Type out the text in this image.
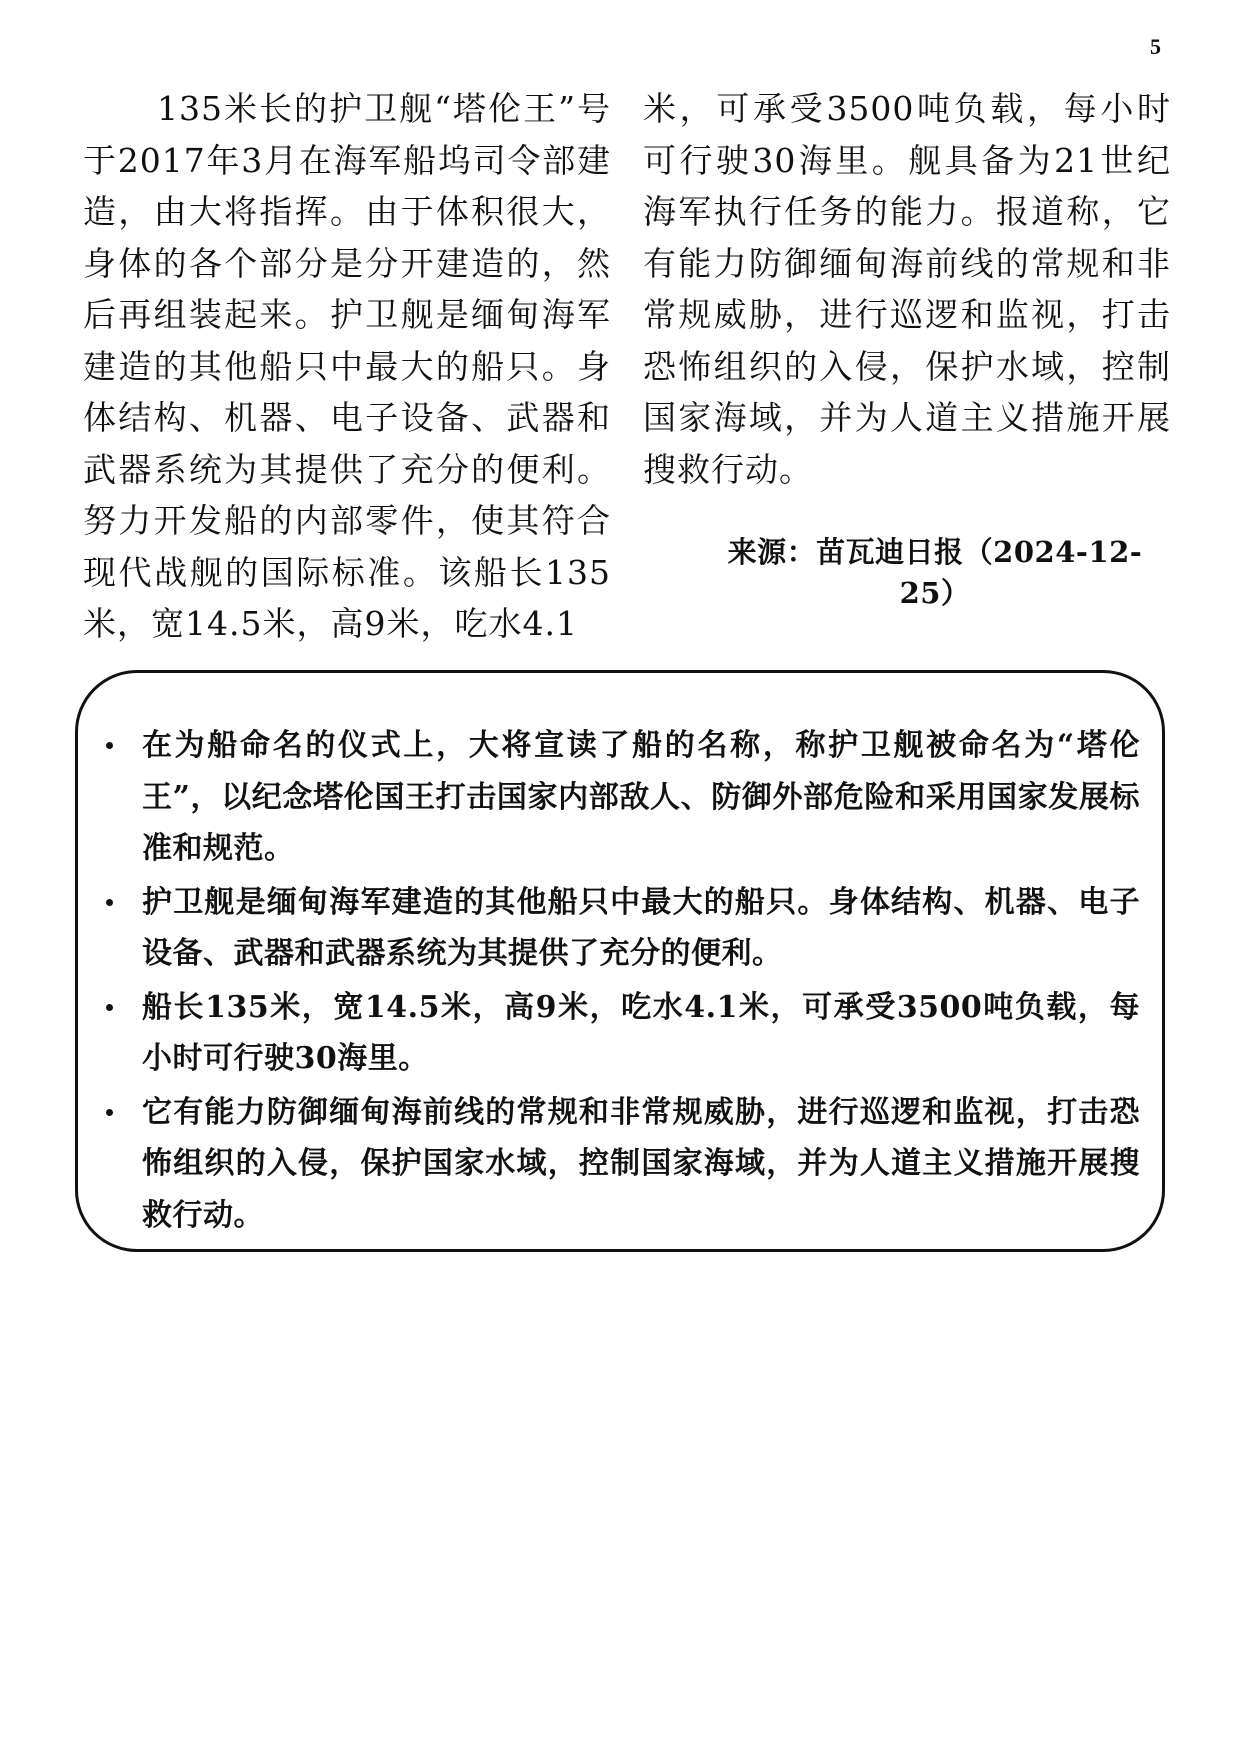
5

135米长的护卫舰“塔伦王”号于2017年3月在海军船坞司令部建造，由大将指挥。由于体积很大，身体的各个部分是分开建造的，然后再组装起来。护卫舰是缅甸海军建造的其他船只中最大的船只。身体结构、机器、电子设备、武器和武器系统为其提供了充分的便利。努力开发船的内部零件，使其符合现代战舰的国际标准。该船长135米，宽14.5米，高9米，吃水4.1

米，可承受3500吨负载，每小时可行驶30海里。舰具备为21世纪海军执行任务的能力。报道称，它有能力防御缅甸海前线的常规和非常规威胁，进行巡逻和监视，打击恐怖组织的入侵，保护水域，控制国家海域，并为人道主义措施开展搜救行动。

来源：苗瓦迪日报（2024-12-25）
在为船命名的仪式上，大将宣读了船的名称，称护卫舰被命名为“塔伦王”，以纪念塔伦国王打击国家内部敌人、防御外部危险和采用国家发展标准和规范。
护卫舰是缅甸海军建造的其他船只中最大的船只。身体结构、机器、电子设备、武器和武器系统为其提供了充分的便利。
船长135米，宽14.5米，高9米，吃水4.1米，可承受3500吨负载，每小时可行驶30海里。
它有能力防御缅甸海前线的常规和非常规威胁，进行巡逻和监视，打击恐怖组织的入侵，保护国家水域，控制国家海域，并为人道主义措施开展搜救行动。
